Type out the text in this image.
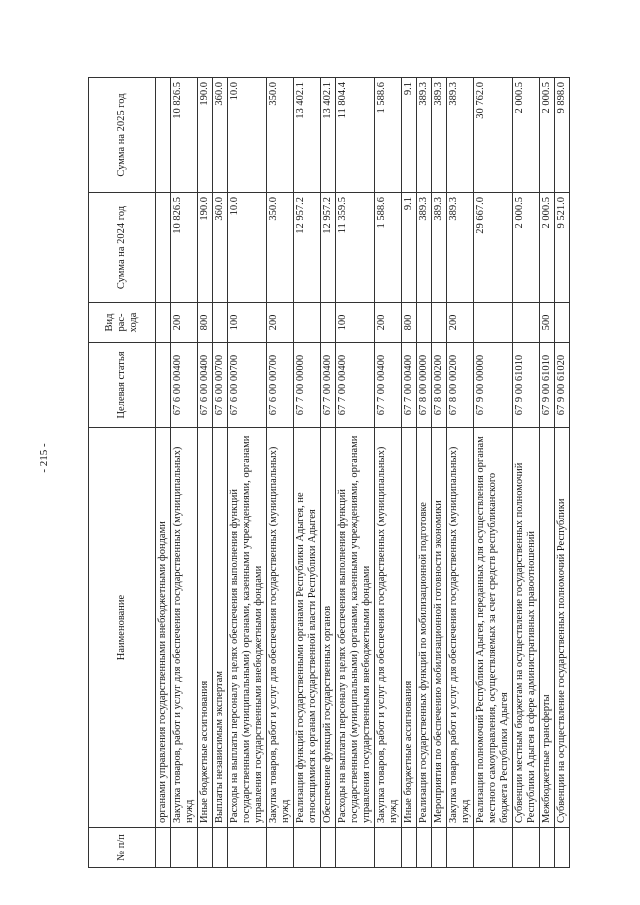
- 215 -
№ п/п	Наименование	Целевая статья	Вид рас-хода	Сумма на 2024 год	Сумма на 2025 год
	органами управления государственными внебюджетными фондами				
	Закупка товаров, работ и услуг для обеспечения государственных (муниципальных) нужд	67 6 00 00400	200	10 826.5	10 826.5
	Иные бюджетные ассигнования	67 6 00 00400	800	190.0	190.0
	Выплаты независимым экспертам	67 6 00 00700		360.0	360.0
	Расходы на выплаты персоналу в целях обеспечения выполнения функций государственными (муниципальными) органами, казенными учреждениями, органами управления государственными внебюджетными фондами	67 6 00 00700	100	10.0	10.0
	Закупка товаров, работ и услуг для обеспечения государственных (муниципальных) нужд	67 6 00 00700	200	350.0	350.0
	Реализация функций государственными органами Республики Адыгея, не относящимися к органам государственной власти Республики Адыгея	67 7 00 00000		12 957.2	13 402.1
	Обеспечение функций государственных органов	67 7 00 00400		12 957.2	13 402.1
	Расходы на выплаты персоналу в целях обеспечения выполнения функций государственными (муниципальными) органами, казенными учреждениями, органами управления государственными внебюджетными фондами	67 7 00 00400	100	11 359.5	11 804.4
	Закупка товаров, работ и услуг для обеспечения государственных (муниципальных) нужд	67 7 00 00400	200	1 588.6	1 588.6
	Иные бюджетные ассигнования	67 7 00 00400	800	9.1	9.1
	Реализация государственных функций по мобилизационной подготовке	67 8 00 00000		389.3	389.3
	Мероприятия по обеспечению мобилизационной готовности экономики	67 8 00 00200		389.3	389.3
	Закупка товаров, работ и услуг для обеспечения государственных (муниципальных) нужд	67 8 00 00200	200	389.3	389.3
	Реализация полномочий Республики Адыгея, переданных для осуществления органам местного самоуправления, осуществляемых за счет средств республиканского бюджета Республики Адыгея	67 9 00 00000		29 667.0	30 762.0
	Субвенции местным бюджетам на осуществление государственных полномочий Республики Адыгея в сфере административных правоотношений	67 9 00 61010		2 000.5	2 000.5
	Межбюджетные трансферты	67 9 00 61010	500	2 000.5	2 000.5
	Субвенции на осуществление государственных полномочий Республики	67 9 00 61020		9 521.0	9 898.0
